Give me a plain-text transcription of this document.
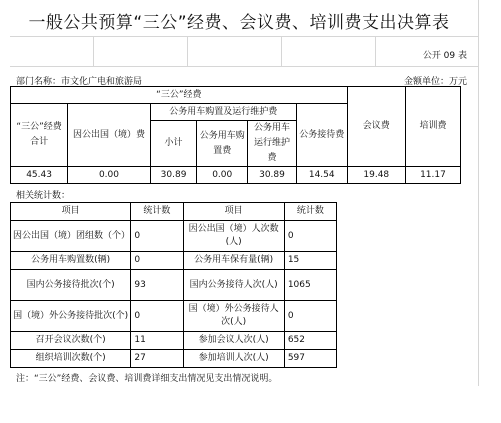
一般公共预算“三公”经费、会议费、培训费支出决算表
公开 09 表
部门名称：市文化广电和旅游局	金额单位：万元
“三公”经费						会议费	培训费
“三公”经费合计	因公出国（境）费	公务用车购置及运行维护费			公务接待费		
		小计	公务用车购置费	公务用车运行维护费			
45.43	0.00	30.89	0.00	30.89	14.54	19.48	11.17
相关统计数：
项目	统计数	项目	统计数
因公出国（境）团组数（个）	0	因公出国（境）人次数(人)	0
公务用车购置数(辆)	0	公务用车保有量(辆)	15
国内公务接待批次(个)	93	国内公务接待人次(人)	1065
国（境）外公务接待批次(个)	0	国（境）外公务接待人次(人)	0
召开会议次数(个)	11	参加会议人次(人)	652
组织培训次数(个)	27	参加培训人次(人)	597
注：“三公”经费、会议费、培训费详细支出情况见支出情况说明。
